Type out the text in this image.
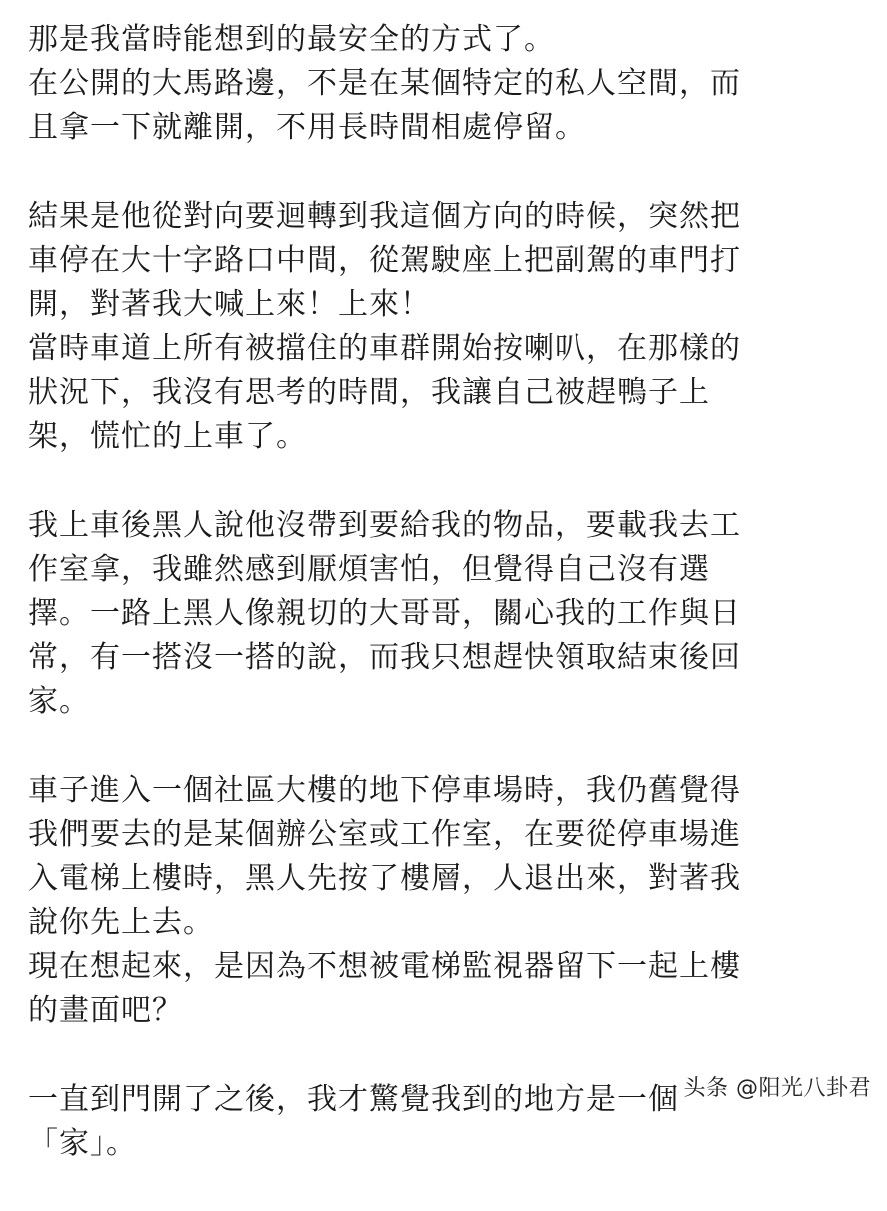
那是我當時能想到的最安全的方式了。
在公開的大馬路邊，不是在某個特定的私人空間，而
且拿一下就離開，不用長時間相處停留。
結果是他從對向要迴轉到我這個方向的時候，突然把
車停在大十字路口中間，從駕駛座上把副駕的車門打
開，對著我大喊上來！上來！
當時車道上所有被擋住的車群開始按喇叭，在那樣的
狀況下，我沒有思考的時間，我讓自己被趕鴨子上
架，慌忙的上車了。
我上車後黑人說他沒帶到要給我的物品，要載我去工
作室拿，我雖然感到厭煩害怕，但覺得自己沒有選
擇。一路上黑人像親切的大哥哥，關心我的工作與日
常，有一搭沒一搭的說，而我只想趕快領取結束後回
家。
車子進入一個社區大樓的地下停車場時，我仍舊覺得
我們要去的是某個辦公室或工作室，在要從停車場進
入電梯上樓時，黑人先按了樓層，人退出來，對著我
說你先上去。
現在想起來，是因為不想被電梯監視器留下一起上樓
的畫面吧？
一直到門開了之後，我才驚覺我到的地方是一個
「家」。
头条 @阳光八卦君
